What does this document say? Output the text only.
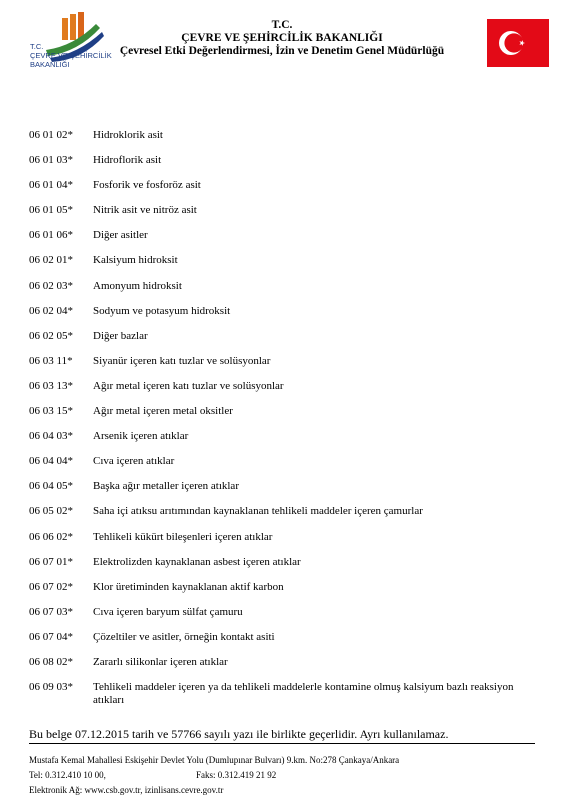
T.C.
ÇEVRE VE ŞEHİRCİLİK
BAKANLIĞI
T.C.
ÇEVRE VE ŞEHİRCİLİK BAKANLIĞI
Çevresel Etki Değerlendirmesi, İzin ve Denetim Genel Müdürlüğü
06 01 02*	Hidroklorik asit
06 01 03*	Hidroflorik asit
06 01 04*	Fosforik ve fosforöz asit
06 01 05*	Nitrik asit ve nitröz asit
06 01 06*	Diğer asitler
06 02 01*	Kalsiyum hidroksit
06 02 03*	Amonyum hidroksit
06 02 04*	Sodyum ve potasyum hidroksit
06 02 05*	Diğer bazlar
06 03 11*	Siyanür içeren katı tuzlar ve solüsyonlar
06 03 13*	Ağır metal içeren katı tuzlar ve solüsyonlar
06 03 15*	Ağır metal içeren metal oksitler
06 04 03*	Arsenik içeren atıklar
06 04 04*	Cıva içeren atıklar
06 04 05*	Başka ağır metaller içeren atıklar
06 05 02*	Saha içi atıksu arıtımından kaynaklanan tehlikeli maddeler içeren çamurlar
06 06 02*	Tehlikeli kükürt bileşenleri içeren atıklar
06 07 01*	Elektrolizden kaynaklanan asbest içeren atıklar
06 07 02*	Klor üretiminden kaynaklanan aktif karbon
06 07 03*	Cıva içeren baryum sülfat çamuru
06 07 04*	Çözeltiler ve asitler, örneğin kontakt asiti
06 08 02*	Zararlı silikonlar içeren atıklar
06 09 03*	Tehlikeli maddeler içeren ya da tehlikeli maddelerle kontamine olmuş kalsiyum bazlı reaksiyon atıkları
Bu belge 07.12.2015 tarih ve 57766 sayılı yazı ile birlikte geçerlidir. Ayrı kullanılamaz.
Mustafa Kemal Mahallesi Eskişehir Devlet Yolu (Dumlupınar Bulvarı) 9.km. No:278 Çankaya/Ankara
Tel: 0.312.410 10 00,	Faks: 0.312.419 21 92
Elektronik Ağ: www.csb.gov.tr, izinlisans.cevre.gov.tr
